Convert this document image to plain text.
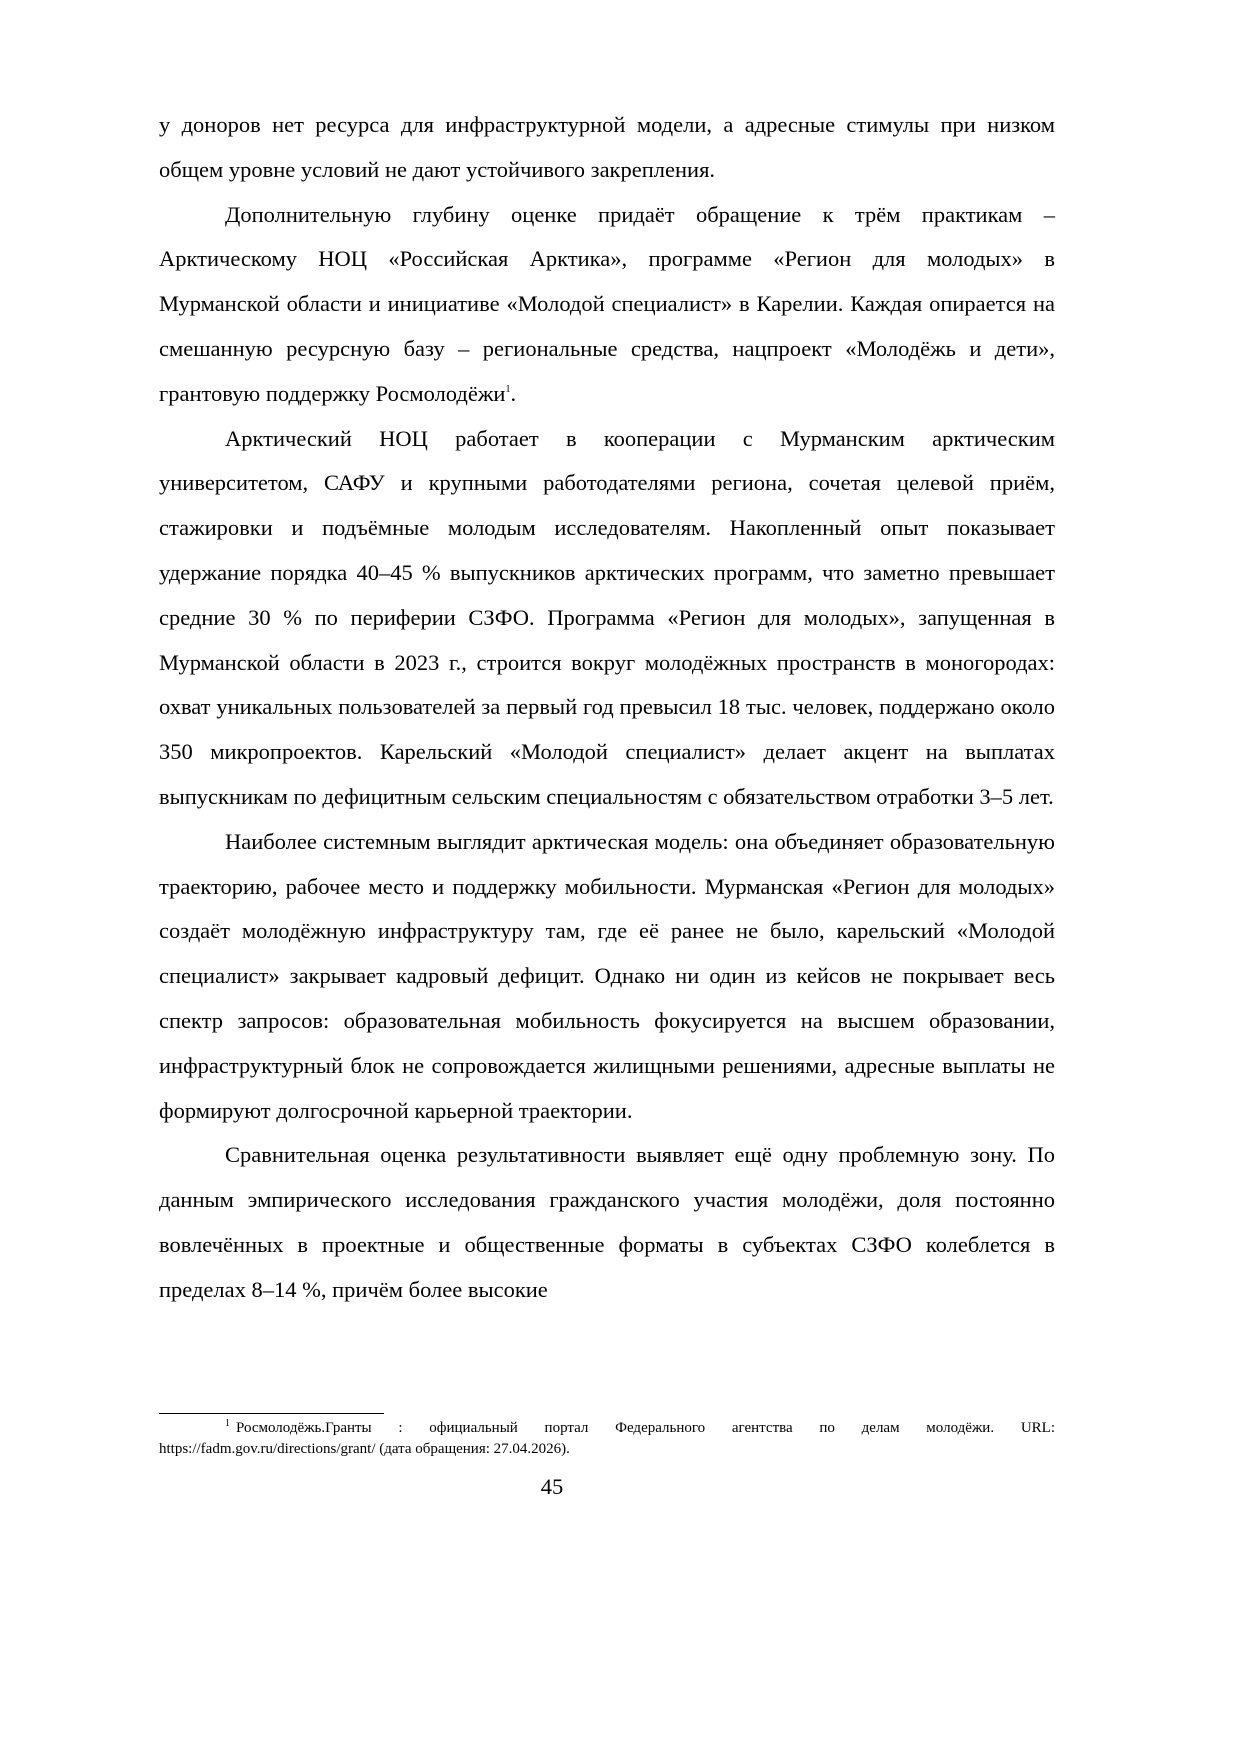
у доноров нет ресурса для инфраструктурной модели, а адресные стимулы при низком общем уровне условий не дают устойчивого закрепления.

Дополнительную глубину оценке придаёт обращение к трём практикам – Арктическому НОЦ «Российская Арктика», программе «Регион для молодых» в Мурманской области и инициативе «Молодой специалист» в Карелии. Каждая опирается на смешанную ресурсную базу – региональные средства, нацпроект «Молодёжь и дети», грантовую поддержку Росмолодёжи$^1$.

Арктический НОЦ работает в кооперации с Мурманским арктическим университетом, САФУ и крупными работодателями региона, сочетая целевой приём, стажировки и подъёмные молодым исследователям. Накопленный опыт показывает удержание порядка 40–45 % выпускников арктических программ, что заметно превышает средние 30 % по периферии СЗФО. Программа «Регион для молодых», запущенная в Мурманской области в 2023 г., строится вокруг молодёжных пространств в моногородах: охват уникальных пользователей за первый год превысил 18 тыс. человек, поддержано около 350 микропроектов. Карельский «Молодой специалист» делает акцент на выплатах выпускникам по дефицитным сельским специальностям с обязательством отработки 3–5 лет.

Наиболее системным выглядит арктическая модель: она объединяет образовательную траекторию, рабочее место и поддержку мобильности. Мурманская «Регион для молодых» создаёт молодёжную инфраструктуру там, где её ранее не было, карельский «Молодой специалист» закрывает кадровый дефицит. Однако ни один из кейсов не покрывает весь спектр запросов: образовательная мобильность фокусируется на высшем образовании, инфраструктурный блок не сопровождается жилищными решениями, адресные выплаты не формируют долгосрочной карьерной траектории.

Сравнительная оценка результативности выявляет ещё одну проблемную зону. По данным эмпирического исследования гражданского участия молодёжи, доля постоянно вовлечённых в проектные и общественные форматы в субъектах СЗФО колеблется в пределах 8–14 %, причём более высокие

$^1$ Росмолодёжь.Гранты : официальный портал Федерального агентства по делам молодёжи. URL: https://fadm.gov.ru/directions/grant/ (дата обращения: 27.04.2026).

45
